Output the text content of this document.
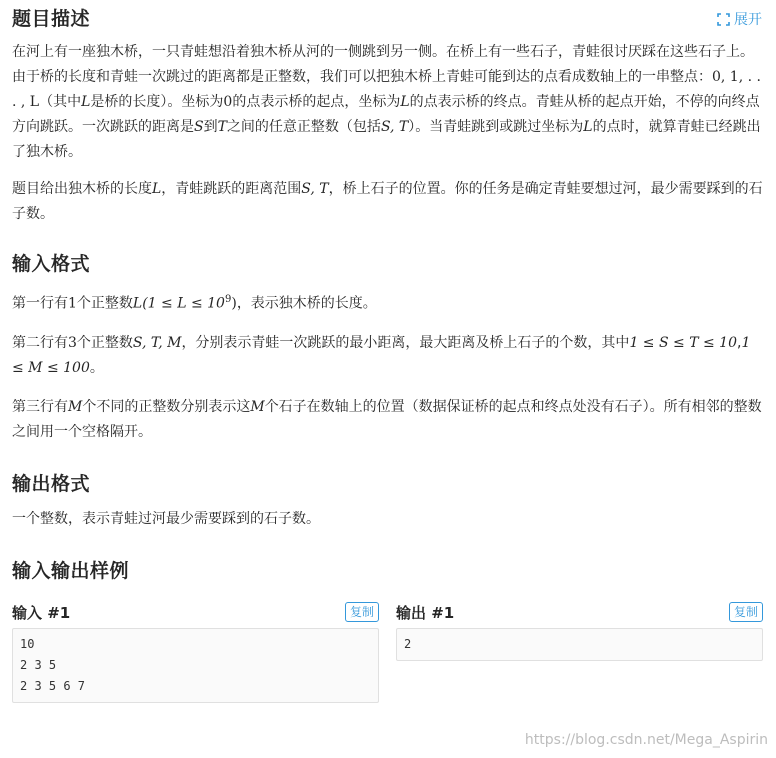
题目描述	展开

在河上有一座独木桥，一只青蛙想沿着独木桥从河的一侧跳到另一侧。在桥上有一些石子，青蛙很讨厌踩在这些石子上。由于桥的长度和青蛙一次跳过的距离都是正整数，我们可以把独木桥上青蛙可能到达的点看成数轴上的一串整点：0, 1, . . . , L（其中L是桥的长度）。坐标为0的点表示桥的起点，坐标为L的点表示桥的终点。青蛙从桥的起点开始，不停的向终点方向跳跃。一次跳跃的距离是S到T之间的任意正整数（包括S, T）。当青蛙跳到或跳过坐标为L的点时，就算青蛙已经跳出了独木桥。

题目给出独木桥的长度L，青蛙跳跃的距离范围S, T，桥上石子的位置。你的任务是确定青蛙要想过河，最少需要踩到的石子数。

输入格式

第一行有1个正整数$L(1 \le L \le 10^9)$，表示独木桥的长度。

第二行有3个正整数S, T, M，分别表示青蛙一次跳跃的最小距离，最大距离及桥上石子的个数，其中1 ≤ S ≤ T ≤ 10,1 ≤ M ≤ 100。

第三行有M个不同的正整数分别表示这M个石子在数轴上的位置（数据保证桥的起点和终点处没有石子）。所有相邻的整数之间用一个空格隔开。

输出格式

一个整数，表示青蛙过河最少需要踩到的石子数。

输入输出样例
输入 #1	复制
10
2 3 5
2 3 5 6 7
输出 #1	复制
2
https://blog.csdn.net/Mega_Aspirin
